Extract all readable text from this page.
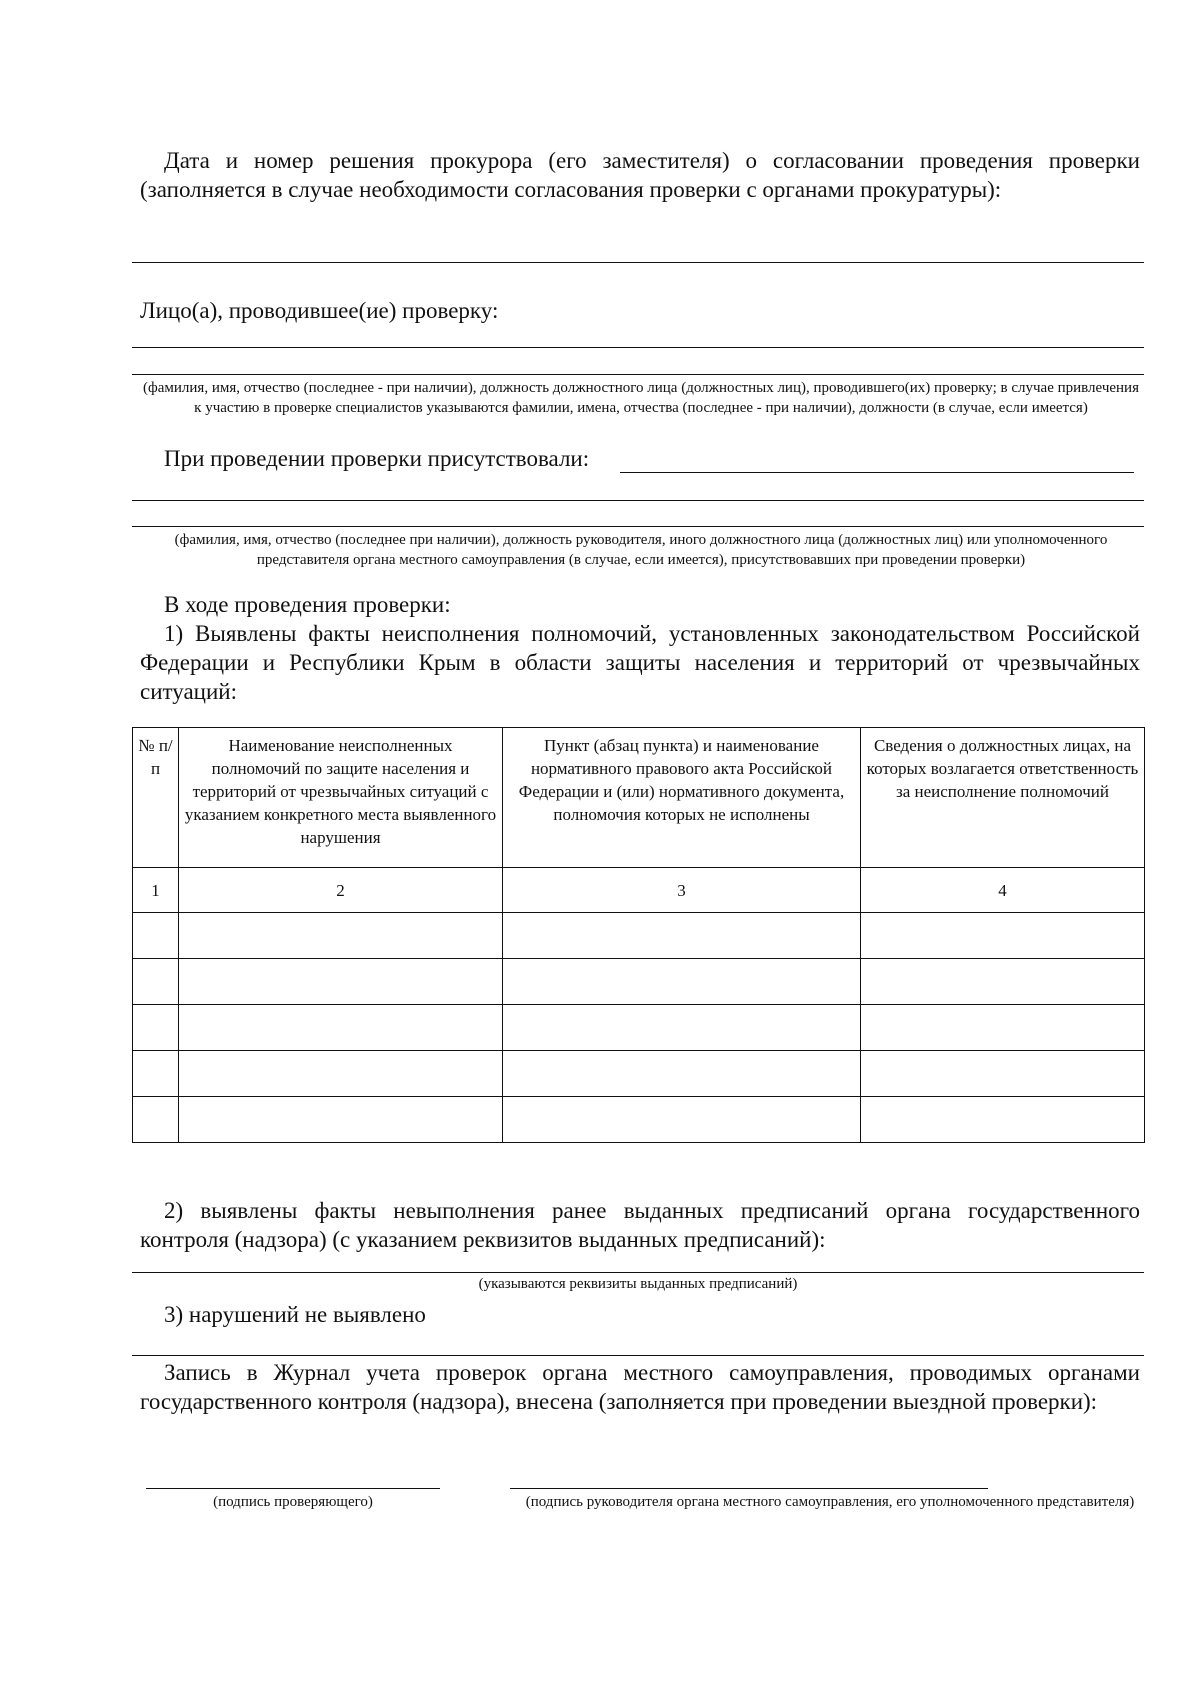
Дата и номер решения прокурора (его заместителя) о согласовании проведения проверки (заполняется в случае необходимости согласования проверки с органами прокуратуры):
Лицо(а), проводившее(ие) проверку:
(фамилия, имя, отчество (последнее - при наличии), должность должностного лица (должностных лиц), проводившего(их) проверку; в случае привлечения к участию в проверке специалистов указываются фамилии, имена, отчества (последнее - при наличии), должности (в случае, если имеется)
При проведении проверки присутствовали:
(фамилия, имя, отчество (последнее при наличии), должность руководителя, иного должностного лица (должностных лиц) или уполномоченного представителя органа местного самоуправления (в случае, если имеется), присутствовавших при проведении проверки)
В ходе проведения проверки:
1) Выявлены факты неисполнения полномочий, установленных законодательством Российской Федерации и Республики Крым в области защиты населения и территорий от чрезвычайных ситуаций:
№ п/п	Наименование неисполненных полномочий по защите населения и территорий от чрезвычайных ситуаций с указанием конкретного места выявленного нарушения	Пункт (абзац пункта) и наименование нормативного правового акта Российской Федерации и (или) нормативного документа, полномочия которых не исполнены	Сведения о должностных лицах, на которых возлагается ответственность за неисполнение полномочий
1	2	3	4

2) выявлены факты невыполнения ранее выданных предписаний органа государственного контроля (надзора) (с указанием реквизитов выданных предписаний):
(указываются реквизиты выданных предписаний)
3) нарушений не выявлено
Запись в Журнал учета проверок органа местного самоуправления, проводимых органами государственного контроля (надзора), внесена (заполняется при проведении выездной проверки):
(подпись проверяющего)	(подпись руководителя органа местного самоуправления, его уполномоченного представителя)
